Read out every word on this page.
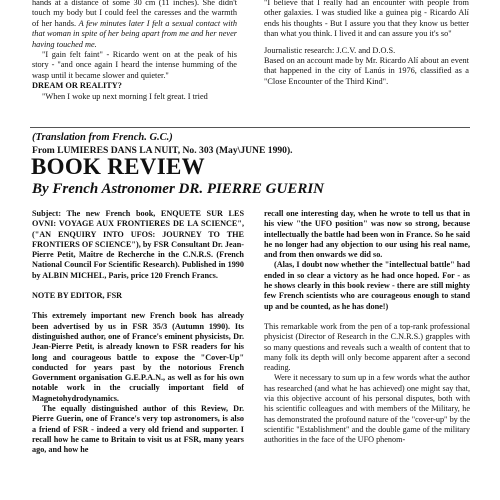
hands at a distance of some 30 cm (11 inches). She didn't touch my body but I could feel the caresses and the warmth of her hands. A few minutes later I felt a sexual contact with that woman in spite of her being apart from me and her never having touched me.

"I gain felt faint" - Ricardo went on at the peak of his story - "and once again I heard the intense humming of the wasp until it became slower and quieter."

DREAM OR REALITY?

"When I woke up next morning I felt great. I tried

"I believe that I really had an encounter with people from other galaxies. I was studied like a guinea pig - Ricardo Alí ends his thoughts - But I assure you that they know us better than what you think. I lived it and can assure you it's so"

Journalistic research: J.C.V. and D.O.S.

Based on an account made by Mr. Ricardo Alí about an event that happened in the city of Lanús in 1976, classified as a "Close Encounter of the Third Kind".

(Translation from French. G.C.)
From LUMIERES DANS LA NUIT, No. 303 (May\JUNE 1990).
BOOK REVIEW
By French Astronomer DR. PIERRE GUERIN

Subject: The new French book, ENQUETE SUR LES OVNI: VOYAGE AUX FRONTIERES DE LA SCIENCE", ("AN ENQUIRY INTO UFOS: JOURNEY TO THE FRONTIERS OF SCIENCE"), by FSR Consultant Dr. Jean-Pierre Petit, Maître de Recherche in the C.N.R.S. (French National Council For Scientific Research). Published in 1990 by ALBIN MICHEL, Paris, price 120 French Francs.

NOTE BY EDITOR, FSR

This extremely important new French book has already been advertised by us in FSR 35/3 (Autumn 1990). Its distinguished author, one of France's eminent physicists, Dr. Jean-Pierre Petit, is already known to FSR readers for his long and courageous battle to expose the "Cover-Up" conducted for years past by the notorious French Government organisation G.E.P.A.N., as well as for his own notable work in the crucially important field of Magnetohydrodynamics.

The equally distinguished author of this Review, Dr. Pierre Guerin, one of France's very top astronomers, is also a friend of FSR - indeed a very old friend and supporter. I recall how he came to Britain to visit us at FSR, many years ago, and how he

recall one interesting day, when he wrote to tell us that in his view "the UFO position" was now so strong, because intellectually the battle had been won in France. So he said he no longer had any objection to our using his real name, and from then onwards we did so.

(Alas, I doubt now whether the "intellectual battle" had ended in so clear a victory as he had once hoped. For - as he shows clearly in this book review - there are still mighty few French scientists who are courageous enough to stand up and be counted, as he has done!)

This remarkable work from the pen of a top-rank professional physicist (Director of Research in the C.N.R.S.) grapples with so many questions and reveals such a wealth of content that to many folk its depth will only become apparent after a second reading.

Were it necessary to sum up in a few words what the author has researched (and what he has achieved) one might say that, via this objective account of his personal disputes, both with his scientific colleagues and with members of the Military, he has demonstrated the profound nature of the "cover-up" by the scientific "Establishment" and the double game of the military authorities in the face of the UFO phenom-
